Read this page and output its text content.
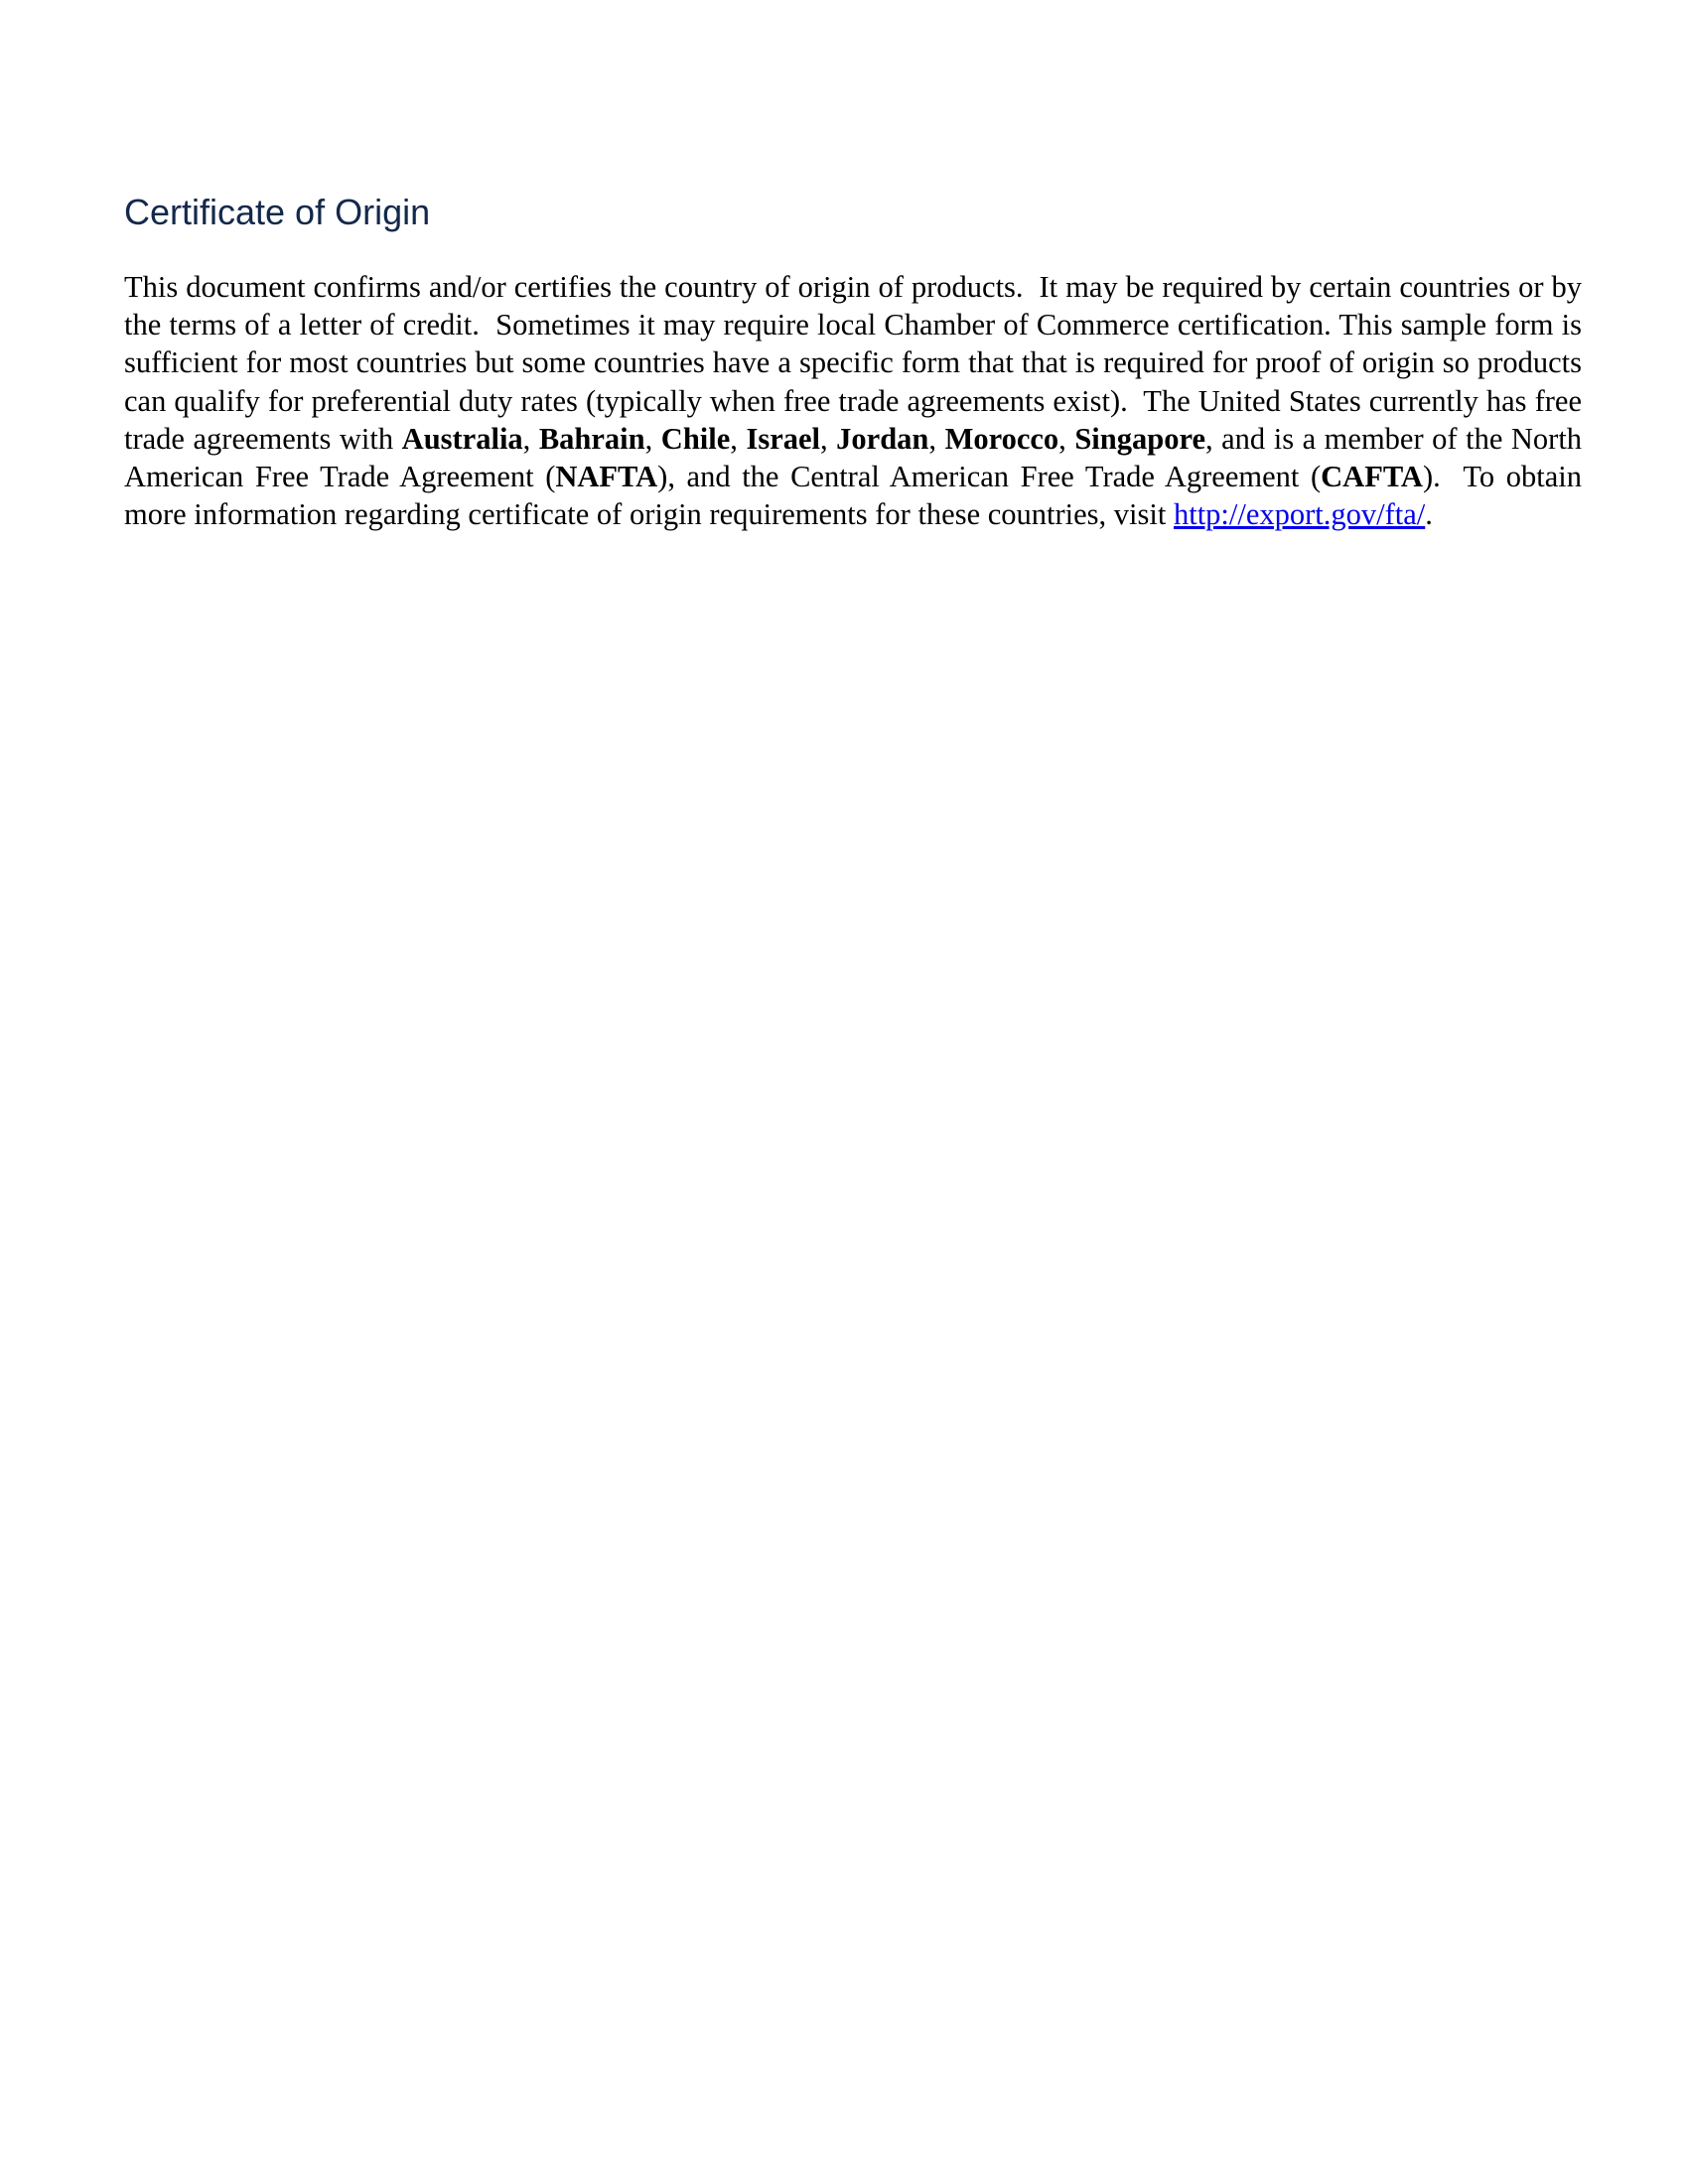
Certificate of Origin

This document confirms and/or certifies the country of origin of products.  It may be required by certain countries or by the terms of a letter of credit.  Sometimes it may require local Chamber of Commerce certification. This sample form is sufficient for most countries but some countries have a specific form that that is required for proof of origin so products can qualify for preferential duty rates (typically when free trade agreements exist).  The United States currently has free trade agreements with Australia, Bahrain, Chile, Israel, Jordan, Morocco, Singapore, and is a member of the North American Free Trade Agreement (NAFTA), and the Central American Free Trade Agreement (CAFTA).  To obtain more information regarding certificate of origin requirements for these countries, visit http://export.gov/fta/.
